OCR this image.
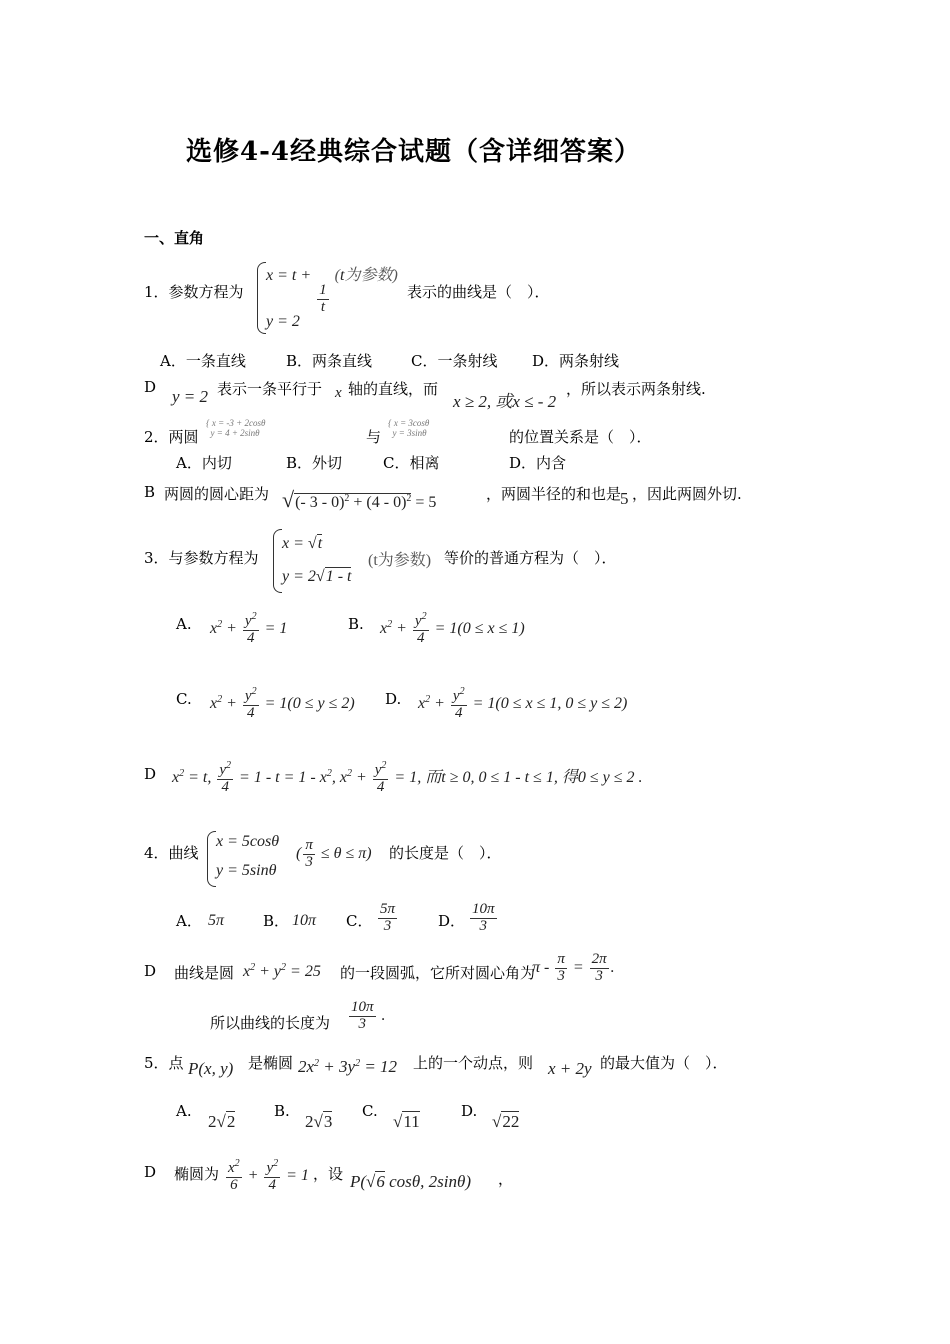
选修4-4经典综合试题（含详细答案）
一、直角
1．参数方程为
x = t +
$\frac{1}{t}$
(t为参数)
y = 2
表示的曲线是（　）．
A．一条直线	B．两条直线	C．一条射线 D．两条射线
D y = 2 表示一条平行于 x 轴的直线，而
x ≥ 2, 或x ≤ - 2
，所以表示两条射线.
2．两圆
{ x = -3 + 2cosθ
y = 4 + 2sinθ	与
{ x = 3cosθ
y = 3sinθ	的位置关系是（　）．
A．内切	B．外切	C．相离	D．内含
B 两圆的圆心距为 √(- 3 - 0)$^2$ + (4 - 0)$^2$ = 5	，两圆半径的和也是
5 ，因此两圆外切.
3．与参数方程为
x = √t
y = 2√1 - t
(t为参数) 等价的普通方程为（　）．
A. $x^2 + \frac{y^2}{4} = 1$	B. $x^2 + \frac{y^2}{4} = 1(0 \le x \le 1)$
C. $x^2 + \frac{y^2}{4} = 1(0 \le y \le 2)$ D. $x^2 + \frac{y^2}{4} = 1(0 \le x \le 1$, 0 ≤ y ≤ 2)
D $x^2 = t$, $\frac{y^2}{4} = 1 - t = 1 - x^2$, $x^2 + \frac{y^2}{4} = 1$, 而t ≥ 0, 0 ≤ 1 - t ≤ 1, 得0 ≤ y ≤ 2 .
4．曲线
x = 5cosθ
y = 5sinθ
( $\frac{\pi}{3} \le \theta \le \pi$) 的长度是（　）．
A． 5π	B． 10π C． $\frac{5\pi}{3}$	D． $\frac{10\pi}{3}$
D 曲线是圆 $x^2 + y^2 = 25$ 的一段圆弧，它所对圆心角为
$\pi - \frac{\pi}{3} = \frac{2\pi}{3}$ .
所以曲线的长度为 $\frac{10\pi}{3}$ .
5．点 P(x, y) 是椭圆 $2x^2 + 3y^2 = 12$ 上的一个动点，则 x + 2y 的最大值为（　）．
A.
2√2
B.
2√3
C.
√11
D.
√22
D 椭圆为 $\frac{x^2}{6} + \frac{y^2}{4} = 1$ ，设 P(√6 cosθ, 2sinθ) ，
